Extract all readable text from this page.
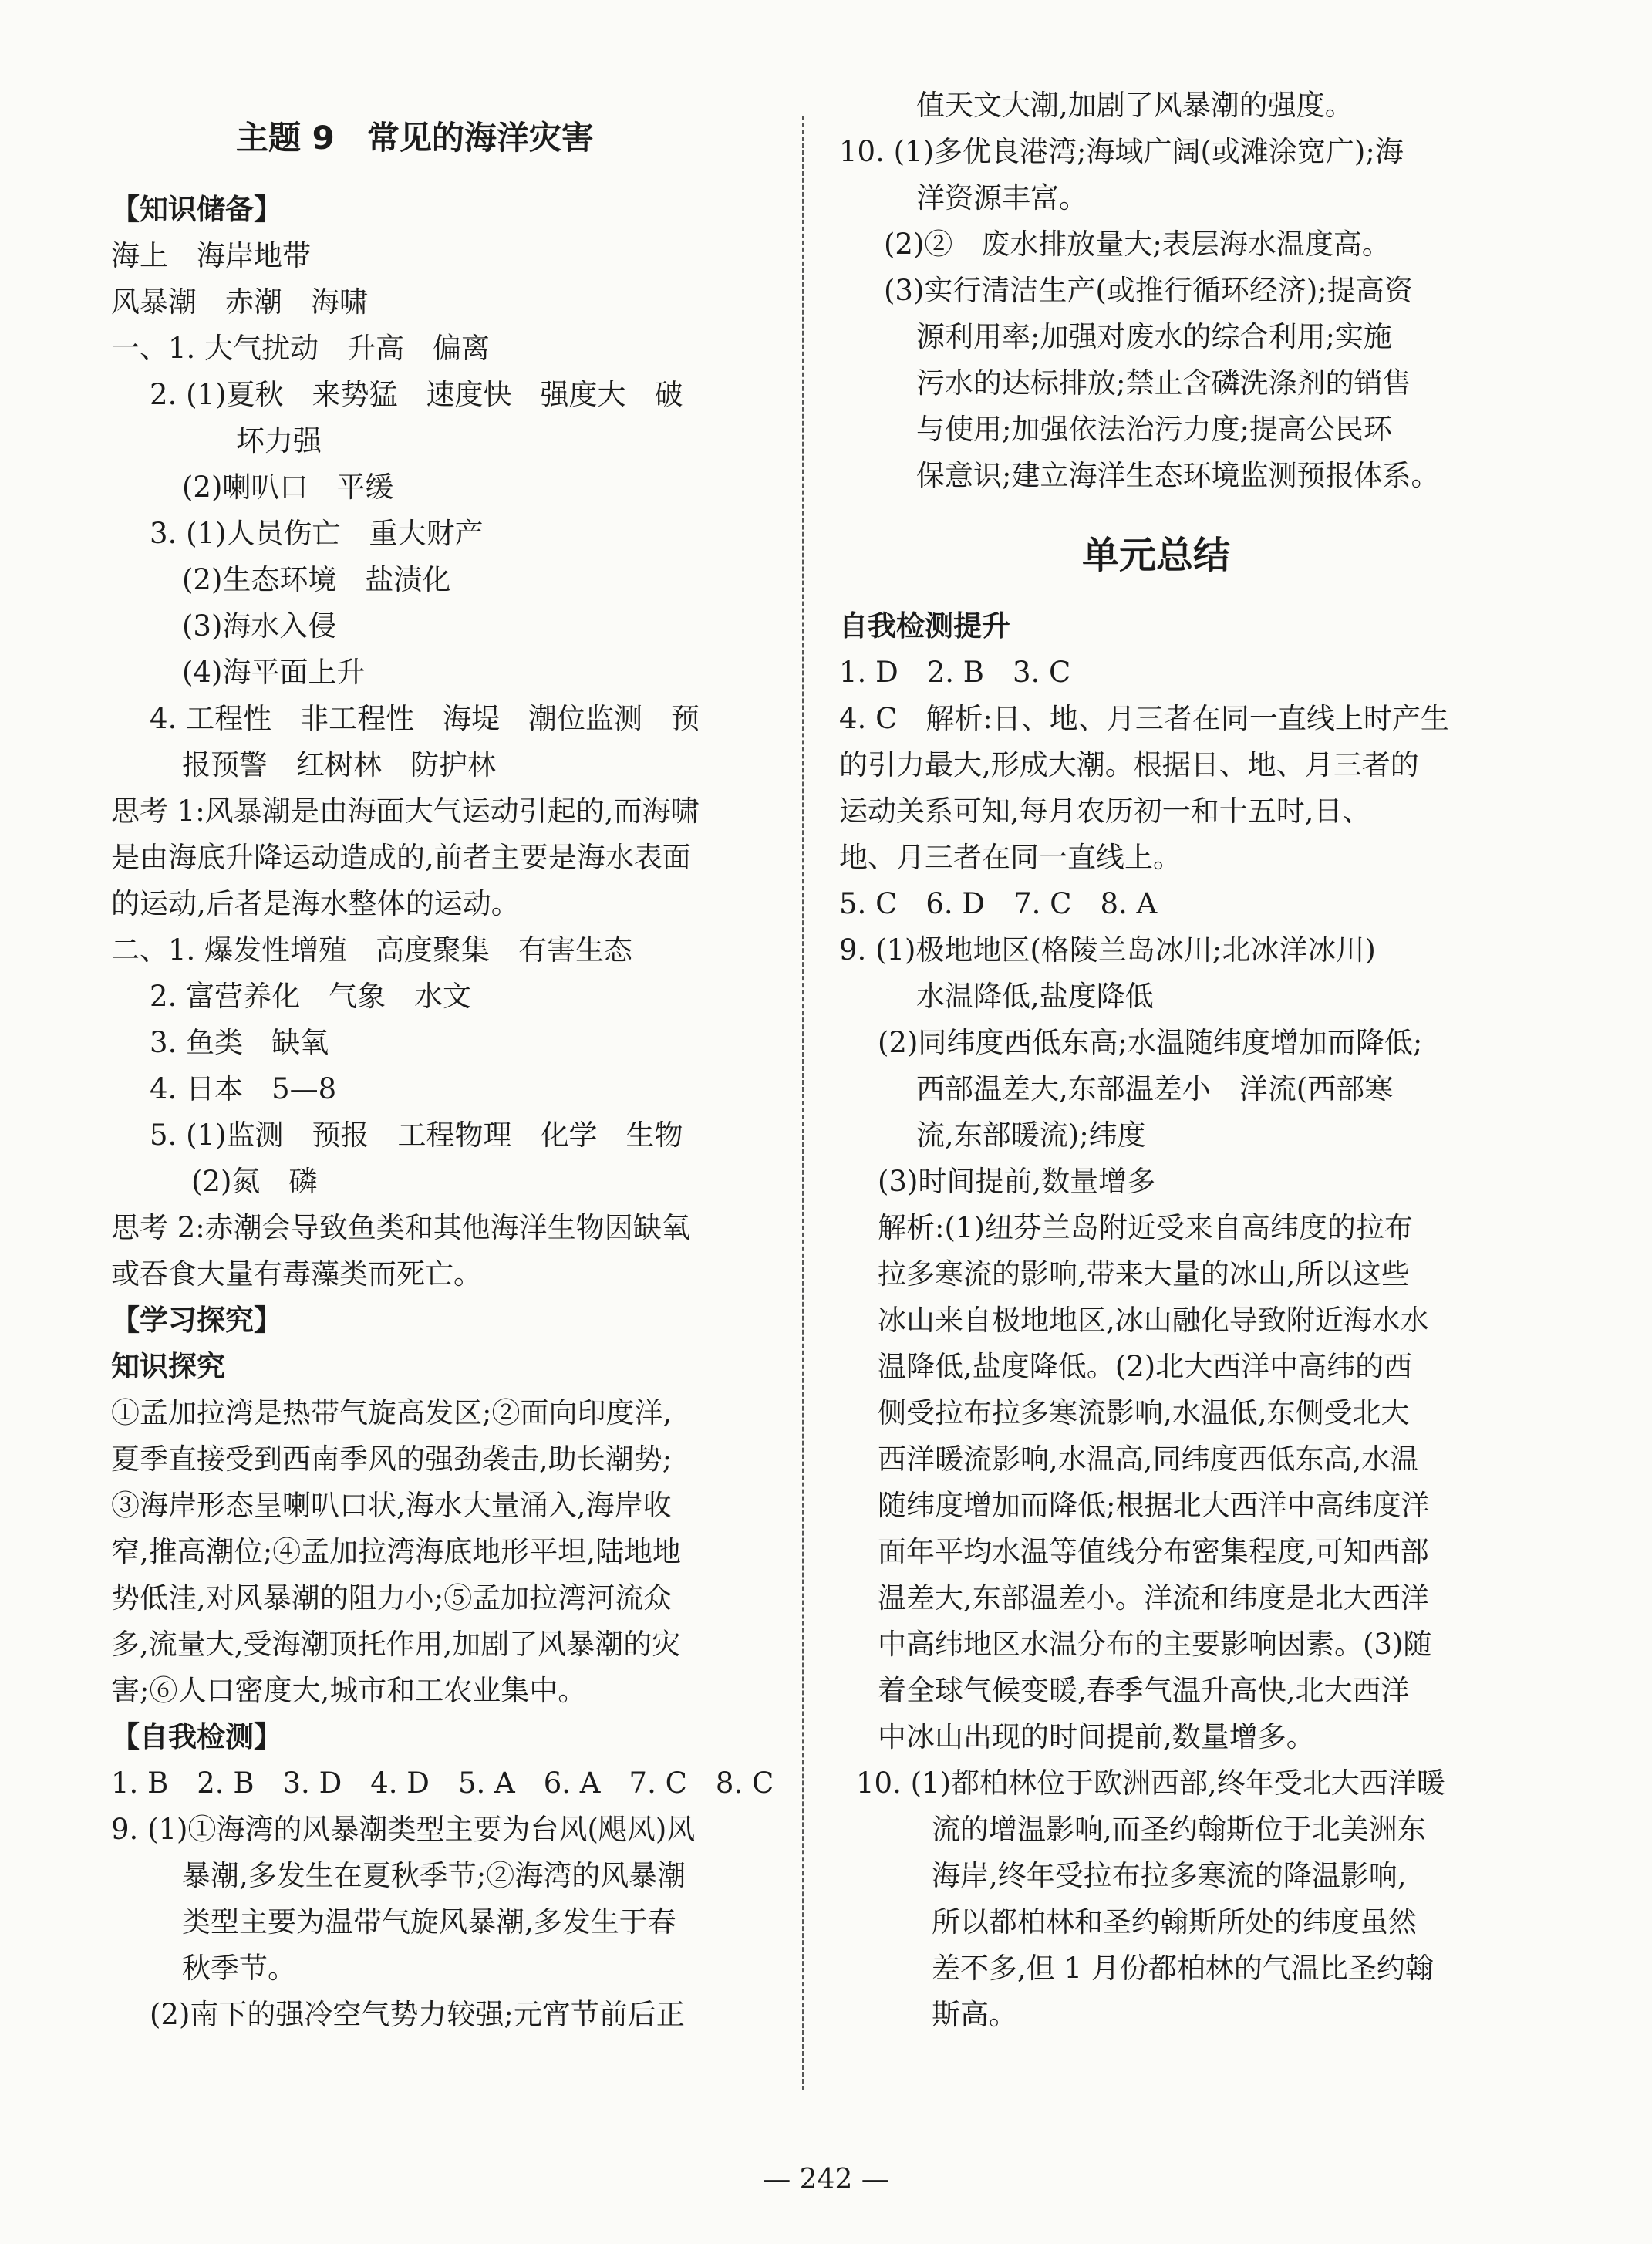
主题 9　常见的海洋灾害
【知识储备】
海上　海岸地带
风暴潮　赤潮　海啸
一、1. 大气扰动　升高　偏离
2. (1)夏秋　来势猛　速度快　强度大　破
坏力强
(2)喇叭口　平缓
3. (1)人员伤亡　重大财产
(2)生态环境　盐渍化
(3)海水入侵
(4)海平面上升
4. 工程性　非工程性　海堤　潮位监测　预
报预警　红树林　防护林
思考 1:风暴潮是由海面大气运动引起的,而海啸
是由海底升降运动造成的,前者主要是海水表面
的运动,后者是海水整体的运动。
二、1. 爆发性增殖　高度聚集　有害生态
2. 富营养化　气象　水文
3. 鱼类　缺氧
4. 日本　5—8
5. (1)监测　预报　工程物理　化学　生物
(2)氮　磷
思考 2:赤潮会导致鱼类和其他海洋生物因缺氧
或吞食大量有毒藻类而死亡。
【学习探究】
知识探究
①孟加拉湾是热带气旋高发区;②面向印度洋,
夏季直接受到西南季风的强劲袭击,助长潮势;
③海岸形态呈喇叭口状,海水大量涌入,海岸收
窄,推高潮位;④孟加拉湾海底地形平坦,陆地地
势低洼,对风暴潮的阻力小;⑤孟加拉湾河流众
多,流量大,受海潮顶托作用,加剧了风暴潮的灾
害;⑥人口密度大,城市和工农业集中。
【自我检测】
1. B　2. B　3. D　4. D　5. A　6. A　7. C　8. C
9. (1)①海湾的风暴潮类型主要为台风(飓风)风
暴潮,多发生在夏秋季节;②海湾的风暴潮
类型主要为温带气旋风暴潮,多发生于春
秋季节。
(2)南下的强冷空气势力较强;元宵节前后正
值天文大潮,加剧了风暴潮的强度。
10. (1)多优良港湾;海域广阔(或滩涂宽广);海
洋资源丰富。
(2)②　废水排放量大;表层海水温度高。
(3)实行清洁生产(或推行循环经济);提高资
源利用率;加强对废水的综合利用;实施
污水的达标排放;禁止含磷洗涤剂的销售
与使用;加强依法治污力度;提高公民环
保意识;建立海洋生态环境监测预报体系。
单元总结
自我检测提升
1. D　2. B　3. C
4. C　解析:日、地、月三者在同一直线上时产生
的引力最大,形成大潮。根据日、地、月三者的
运动关系可知,每月农历初一和十五时,日、
地、月三者在同一直线上。
5. C　6. D　7. C　8. A
9. (1)极地地区(格陵兰岛冰川;北冰洋冰川)
水温降低,盐度降低
(2)同纬度西低东高;水温随纬度增加而降低;
西部温差大,东部温差小　洋流(西部寒
流,东部暖流);纬度
(3)时间提前,数量增多
解析:(1)纽芬兰岛附近受来自高纬度的拉布
拉多寒流的影响,带来大量的冰山,所以这些
冰山来自极地地区,冰山融化导致附近海水水
温降低,盐度降低。(2)北大西洋中高纬的西
侧受拉布拉多寒流影响,水温低,东侧受北大
西洋暖流影响,水温高,同纬度西低东高,水温
随纬度增加而降低;根据北大西洋中高纬度洋
面年平均水温等值线分布密集程度,可知西部
温差大,东部温差小。洋流和纬度是北大西洋
中高纬地区水温分布的主要影响因素。(3)随
着全球气候变暖,春季气温升高快,北大西洋
中冰山出现的时间提前,数量增多。
10. (1)都柏林位于欧洲西部,终年受北大西洋暖
流的增温影响,而圣约翰斯位于北美洲东
海岸,终年受拉布拉多寒流的降温影响,
所以都柏林和圣约翰斯所处的纬度虽然
差不多,但 1 月份都柏林的气温比圣约翰
斯高。
— 242 —
